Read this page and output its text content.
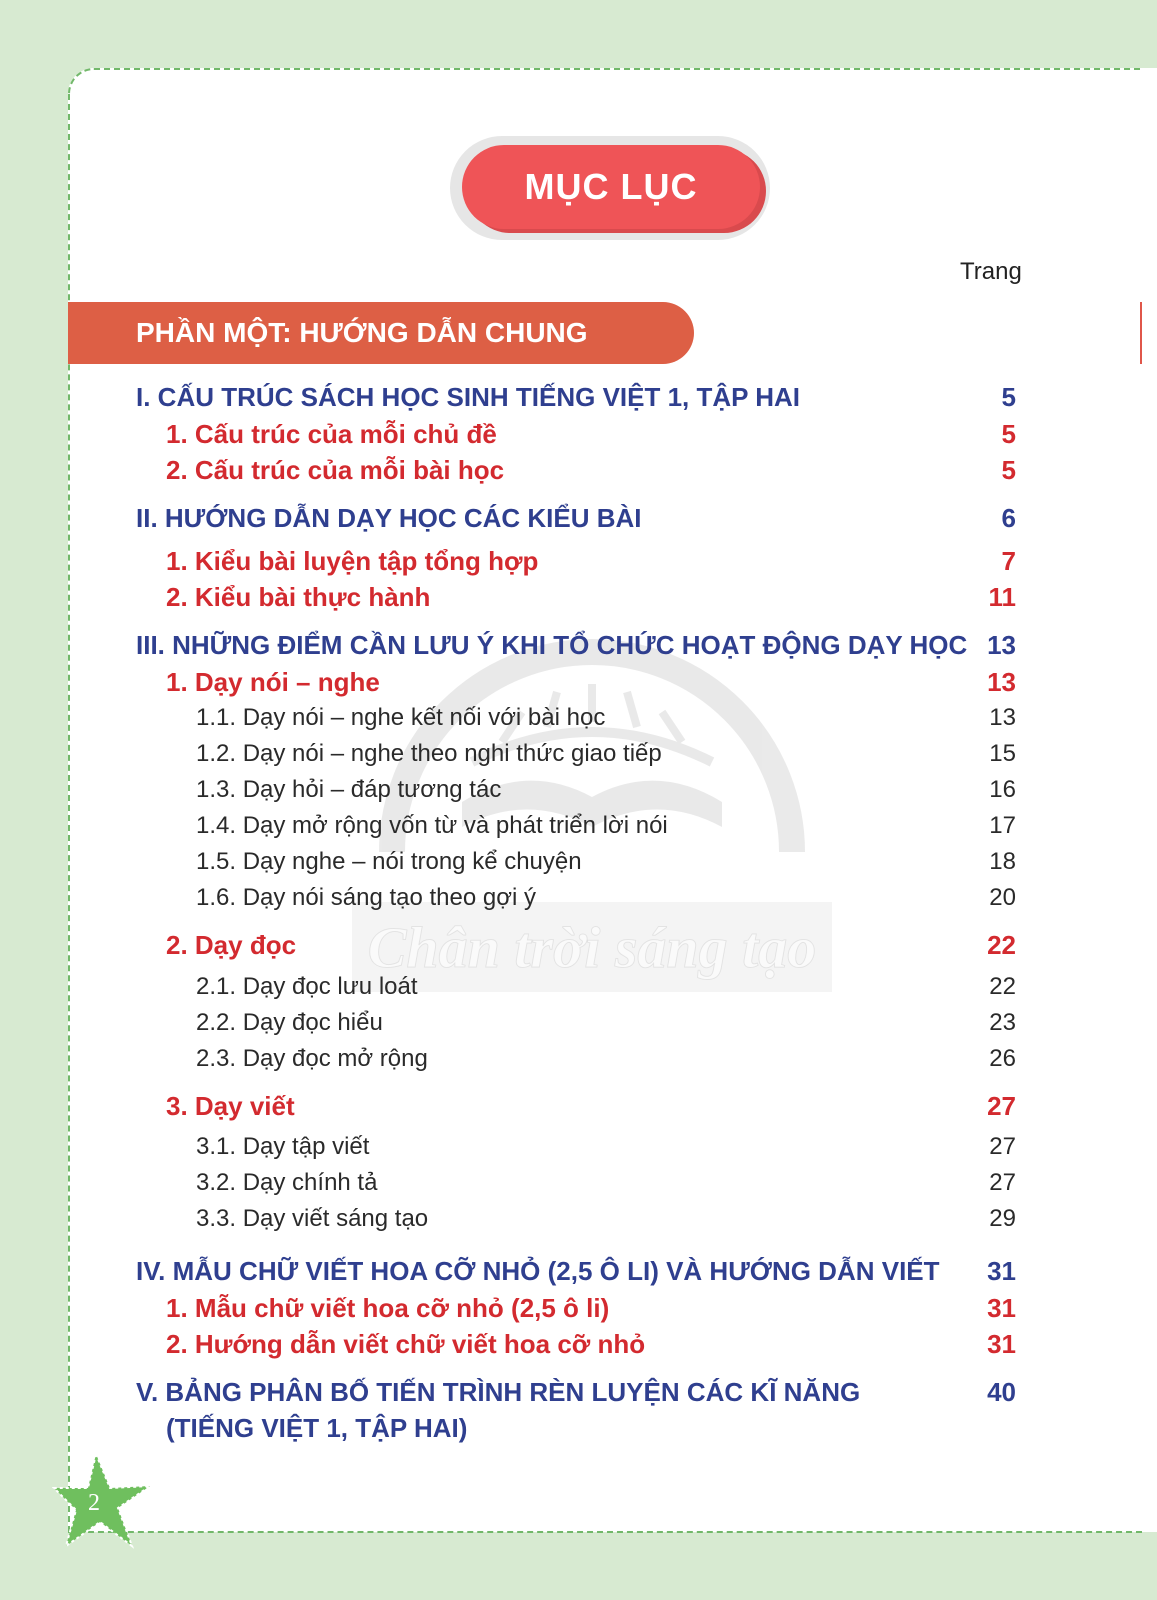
Chân trời sáng tạo
MỤC LỤC
Trang
PHẦN MỘT: HƯỚNG DẪN CHUNG
I. CẤU TRÚC SÁCH HỌC SINH TIẾNG VIỆT 1, TẬP HAI	5
1. Cấu trúc của mỗi chủ đề	5
2. Cấu trúc của mỗi bài học	5
II. HƯỚNG DẪN DẠY HỌC CÁC KIỂU BÀI	6
1. Kiểu bài luyện tập tổng hợp	7
2. Kiểu bài thực hành	11
III. NHỮNG ĐIỂM CẦN LƯU Ý KHI TỔ CHỨC HOẠT ĐỘNG DẠY HỌC 13
1. Dạy nói – nghe	13
1.1. Dạy nói – nghe kết nối với bài học	13
1.2. Dạy nói – nghe theo nghi thức giao tiếp	15
1.3. Dạy hỏi – đáp tương tác	16
1.4. Dạy mở rộng vốn từ và phát triển lời nói	17
1.5. Dạy nghe – nói trong kể chuyện	18
1.6. Dạy nói sáng tạo theo gợi ý	20
2. Dạy đọc	22
2.1. Dạy đọc lưu loát	22
2.2. Dạy đọc hiểu	23
2.3. Dạy đọc mở rộng	26
3. Dạy viết	27
3.1. Dạy tập viết	27
3.2. Dạy chính tả	27
3.3. Dạy viết sáng tạo	29
IV. MẪU CHỮ VIẾT HOA CỠ NHỎ (2,5 Ô LI) VÀ HƯỚNG DẪN VIẾT 31
1. Mẫu chữ viết hoa cỡ nhỏ (2,5 ô li)	31
2. Hướng dẫn viết chữ viết hoa cỡ nhỏ	31
V. BẢNG PHÂN BỐ TIẾN TRÌNH RÈN LUYỆN CÁC KĨ NĂNG	40
(TIẾNG VIỆT 1, TẬP HAI)
2
